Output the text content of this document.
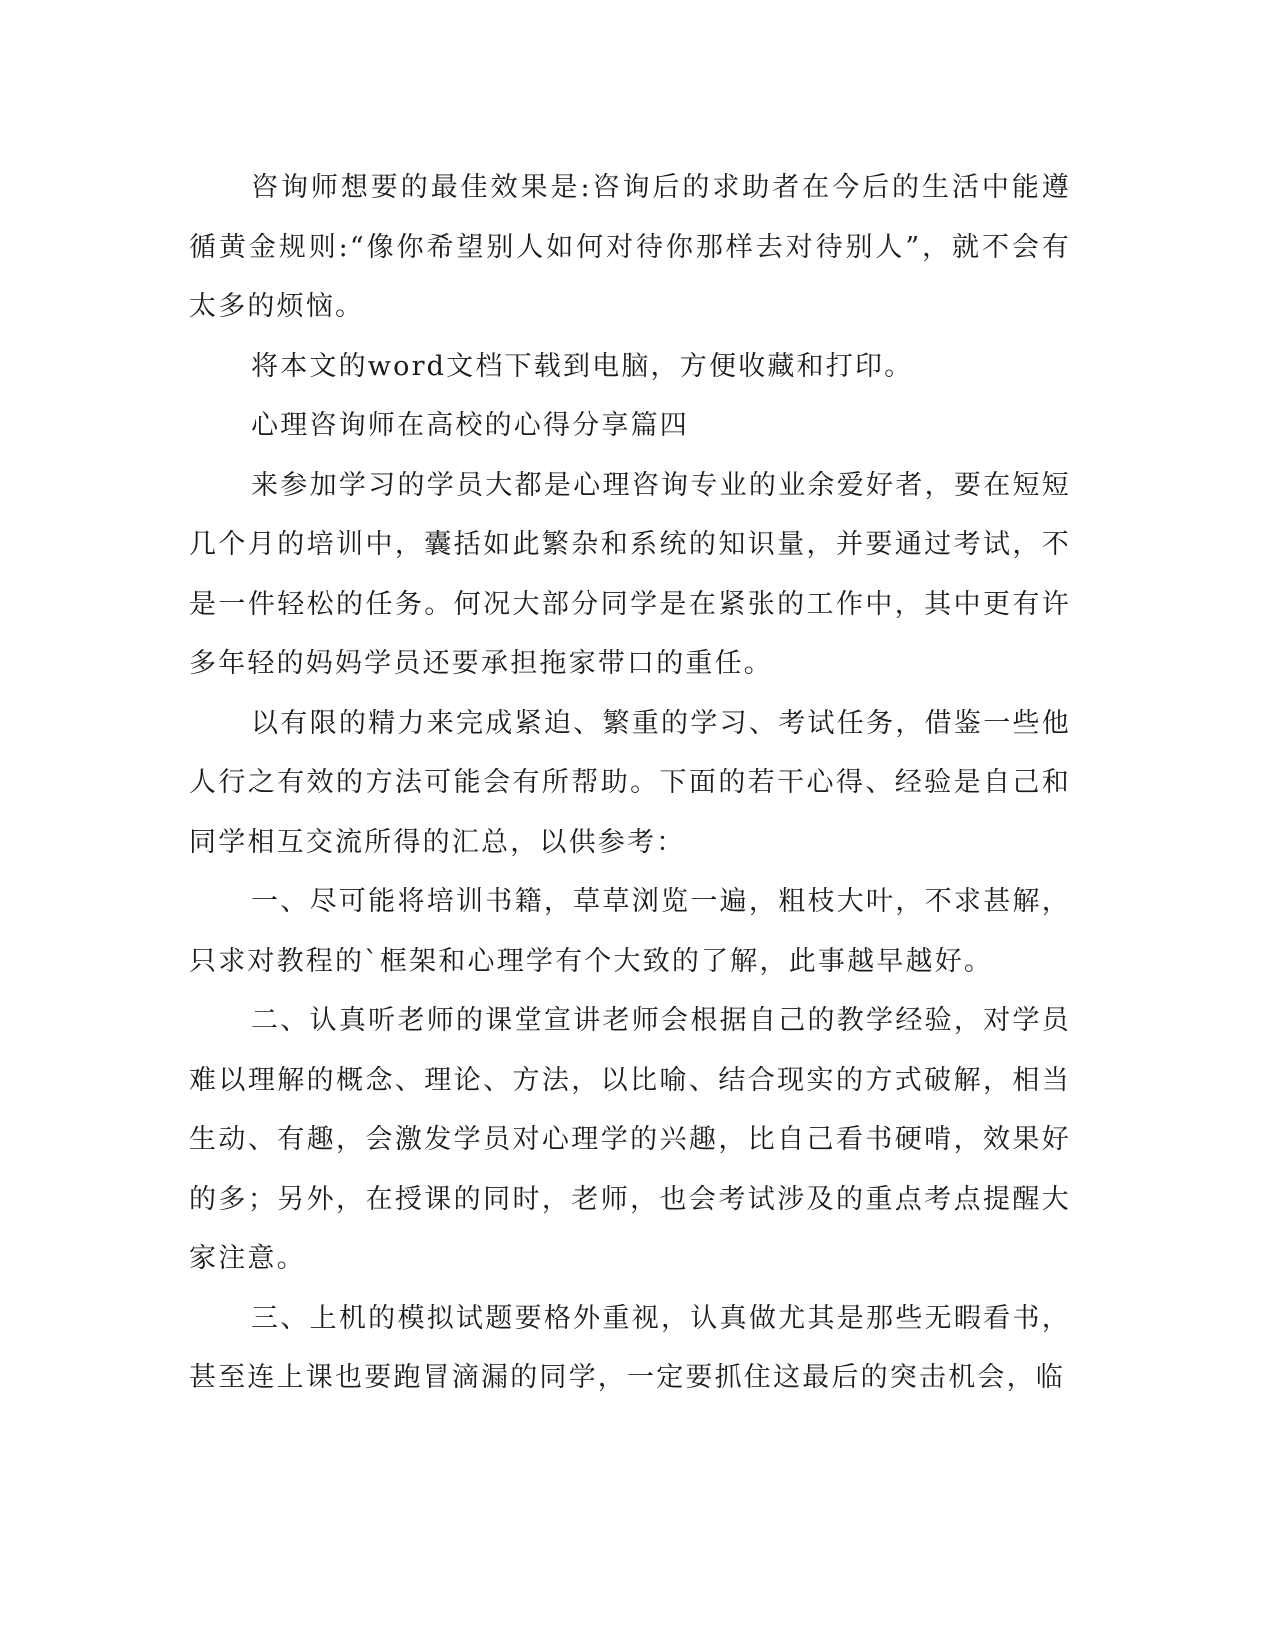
咨询师想要的最佳效果是:咨询后的求助者在今后的生活中能遵循黄金规则:“像你希望别人如何对待你那样去对待别人”，就不会有太多的烦恼。

将本文的word文档下载到电脑，方便收藏和打印。

心理咨询师在高校的心得分享篇四

来参加学习的学员大都是心理咨询专业的业余爱好者，要在短短几个月的培训中，囊括如此繁杂和系统的知识量，并要通过考试，不是一件轻松的任务。何况大部分同学是在紧张的工作中，其中更有许多年轻的妈妈学员还要承担拖家带口的重任。

以有限的精力来完成紧迫、繁重的学习、考试任务，借鉴一些他人行之有效的方法可能会有所帮助。下面的若干心得、经验是自己和同学相互交流所得的汇总，以供参考：

一、尽可能将培训书籍，草草浏览一遍，粗枝大叶，不求甚解，只求对教程的`框架和心理学有个大致的了解，此事越早越好。

二、认真听老师的课堂宣讲老师会根据自己的教学经验，对学员难以理解的概念、理论、方法，以比喻、结合现实的方式破解，相当生动、有趣，会激发学员对心理学的兴趣，比自己看书硬啃，效果好的多；另外，在授课的同时，老师，也会考试涉及的重点考点提醒大家注意。

三、上机的模拟试题要格外重视，认真做尤其是那些无暇看书，甚至连上课也要跑冒滴漏的同学，一定要抓住这最后的突击机会，临
